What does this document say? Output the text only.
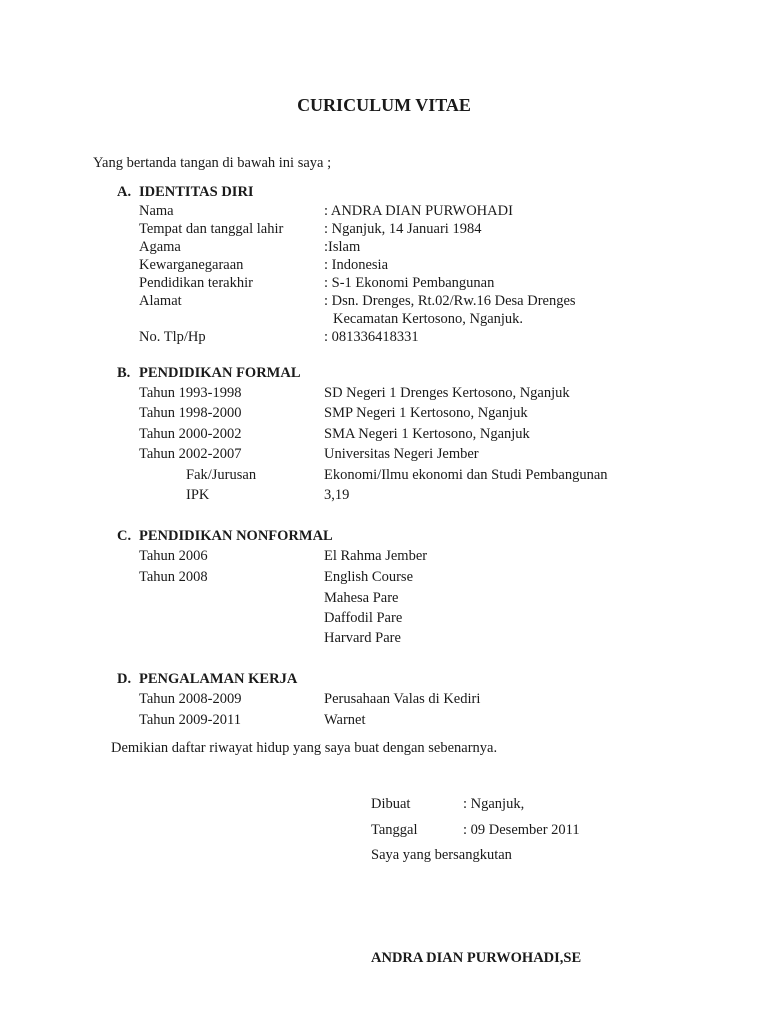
CURICULUM VITAE
Yang bertanda tangan di bawah ini saya ;
A. IDENTITAS DIRI
Nama	: ANDRA DIAN PURWOHADI
Tempat dan tanggal lahir	: Nganjuk, 14 Januari 1984
Agama	:Islam
Kewarganegaraan	: Indonesia
Pendidikan terakhir	: S-1 Ekonomi Pembangunan
Alamat	: Dsn. Drenges, Rt.02/Rw.16 Desa Drenges
Kecamatan Kertosono, Nganjuk.
No. Tlp/Hp	: 081336418331
B. PENDIDIKAN FORMAL
Tahun 1993-1998	SD Negeri 1 Drenges Kertosono, Nganjuk
Tahun 1998-2000	SMP Negeri 1 Kertosono, Nganjuk
Tahun 2000-2002	SMA Negeri 1 Kertosono, Nganjuk
Tahun 2002-2007	Universitas Negeri Jember
Fak/Jurusan	Ekonomi/Ilmu ekonomi dan Studi Pembangunan
IPK	3,19
C. PENDIDIKAN NONFORMAL
Tahun 2006	El Rahma Jember
Tahun 2008	English Course
Mahesa Pare
Daffodil Pare
Harvard Pare
D. PENGALAMAN KERJA
Tahun 2008-2009	Perusahaan Valas di Kediri
Tahun 2009-2011	Warnet
Demikian daftar riwayat hidup yang saya buat dengan sebenarnya.
Dibuat	: Nganjuk,
Tanggal	: 09 Desember 2011
Saya yang bersangkutan
ANDRA DIAN PURWOHADI,SE
